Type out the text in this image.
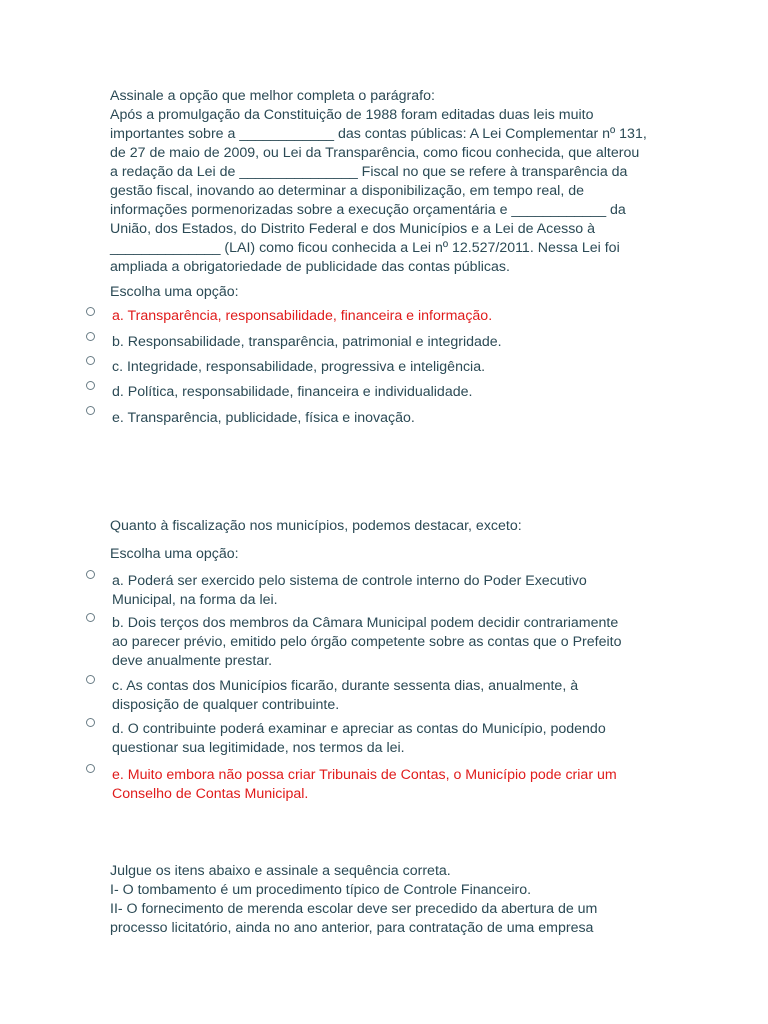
Assinale a opção que melhor completa o parágrafo:
Após a promulgação da Constituição de 1988 foram editadas duas leis muito
importantes sobre a ____________ das contas públicas: A Lei Complementar nº 131,
de 27 de maio de 2009, ou Lei da Transparência, como ficou conhecida, que alterou
a redação da Lei de _______________ Fiscal no que se refere à transparência da
gestão fiscal, inovando ao determinar a disponibilização, em tempo real, de
informações pormenorizadas sobre a execução orçamentária e ____________ da
União, dos Estados, do Distrito Federal e dos Municípios e a Lei de Acesso à
______________ (LAI) como ficou conhecida a Lei nº 12.527/2011. Nessa Lei foi
ampliada a obrigatoriedade de publicidade das contas públicas.
Escolha uma opção:
a. Transparência, responsabilidade, financeira e informação.
b. Responsabilidade, transparência, patrimonial e integridade.
c. Integridade, responsabilidade, progressiva e inteligência.
d. Política, responsabilidade, financeira e individualidade.
e. Transparência, publicidade, física e inovação.
Quanto à fiscalização nos municípios, podemos destacar, exceto:
Escolha uma opção:
a. Poderá ser exercido pelo sistema de controle interno do Poder Executivo
Municipal, na forma da lei.
b. Dois terços dos membros da Câmara Municipal podem decidir contrariamente
ao parecer prévio, emitido pelo órgão competente sobre as contas que o Prefeito
deve anualmente prestar.
c. As contas dos Municípios ficarão, durante sessenta dias, anualmente, à
disposição de qualquer contribuinte.
d. O contribuinte poderá examinar e apreciar as contas do Município, podendo
questionar sua legitimidade, nos termos da lei.
e. Muito embora não possa criar Tribunais de Contas, o Município pode criar um
Conselho de Contas Municipal.
Julgue os itens abaixo e assinale a sequência correta.
I- O tombamento é um procedimento típico de Controle Financeiro.
II- O fornecimento de merenda escolar deve ser precedido da abertura de um
processo licitatório, ainda no ano anterior, para contratação de uma empresa
